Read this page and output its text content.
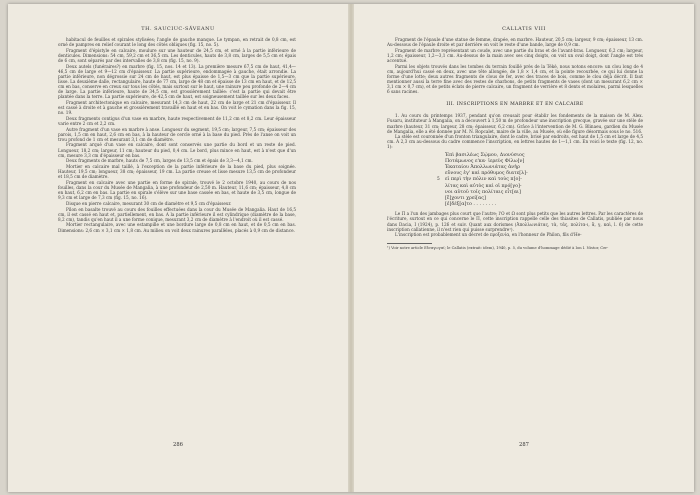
TH. SAUCIUC-SĂVEANU

habitacul de feuilles et spirales stylisées; l'angle de gauche manque. Le tympan, en retrait de 0,8 cm, est orné de pampres en relief courant le long des côtés obliques (fig. 15, no. 5).

Fragment d'épistyle en calcaire, moulure sur une hauteur de 24,5 cm, et orné à la partie inférieure de denticules. Dimensions: 54 cm, 59,2 cm et 36,5 cm. Les denticules, hauts de 3,8 cm, larges de 5,5 cm et épais de 6 cm, sont séparés par des intervalles de 3,8 cm (fig. 15, no. 9).

Deux autels (funéraires?) en marbre (fig. 15, nos. 14 et 13). La première mesure 67,5 cm de haut, 41,4—46,5 cm de large et 9—12 cm d'épaisseur. La partie supérieure, endommagée à gauche, était arrondie. La partie inférieure, non dégrossie sur 24 cm de haut, est plus épaisse de 1,5—3 cm que la partie supérieure, lisse. La deuxième dalle, rectangulaire, haute de 77 cm, large de 48 cm et épaisse de 13 cm en haut, et de 12,5 cm en bas, conserve en creux sur tous les côtés, mais surtout sur le haut, une rainure peu profonde de 2—4 cm de large. La partie inférieure, haute de 34,5 cm, est grossièrement taillée: c'est la partie qui devait être plantée dans la terre. La partie supérieure, de 42,5 cm de haut, est soigneusement taillée sur les deux faces.

Fragment architectonique en calcaire, mesurant 14,3 cm de haut, 22 cm de large et 21 cm d'épaisseur. Il est cassé à droite et à gauche et grossièrement travaillé en haut et en bas. On voit le cymation dans la fig. 15, no. 19.

Deux fragments contigus d'un vase en marbre, haute respectivement de 11,2 cm et 8,2 cm. Leur épaisseur varie entre 2 cm et 2,2 cm.

Autre fragment d'un vase en marbre à anse. Longueur du segment, 19,5 cm; largeur, 7,5 cm; épaisseur des parois, 1,5 cm en haut, 2,6 cm en bas, à la hauteur de cercle orné à la base du pied. Près de l'anse on voit un trou profond de 1 cm et mesurant 3,1 cm de diamètre.

Fragment arqué d'un vase en calcaire, dont sont conservés une partie du bord et un reste de pied. Longueur, 18,2 cm; largeur, 11 cm; hauteur du pied, 0,4 cm. Le bord, plus mince en haut, est à n'est que d'un cm, mesure 3,3 cm d'épaisseur en bas.

Deux fragments de marbre, hauts de 7,5 cm, larges de 13,5 cm et épais de 3,3—4,1 cm.

Mortier en calcaire mal taillé, à l'exception de la partie inférieure de la base du pied, plus soignée. Hauteur, 19,5 cm; longueur, 38 cm; épaisseur, 19 cm. La partie creuse et lisse mesure 13,5 cm de profondeur et 18,5 cm de diamètre.

Fragment en calcaire avec une partie en forme de spirale, trouvé le 2 octobre 1940, au cours de nos fouilles, dans la cour du Musée de Mangalia, à une profondeur de 2,50 m. Hauteur, 11,6 cm; épaisseur, 4,8 cm en haut, 6,2 cm en bas. La partie en spirale s'élève sur une base cassée en bas, et haute de 3,5 cm, longue de 9,3 cm et large de 7,3 cm (fig. 15, no. 16).

Disque en pierre calcaire, mesurant 30 cm de diamètre et 9,5 cm d'épaisseur.

Pilon en basalte trouvé au cours des fouilles effectuées dans la cour du Musée de Mangalia. Haut de 16,5 cm, il est cassé en haut et, partiellement, en bas. A la partie inférieure il est cylindrique (diamètre de la base, 8,2 cm), tandis qu'en haut il a une forme conique, mesurant 3,2 cm de diamètre à l'endroit où il est cassé.

Mortier rectangulaire, avec une estampille et une bordure large de 0,8 cm en haut, et de 0,5 cm en bas. Dimensions: 2,6 cm × 3,1 cm × 1,8 cm. Au milieu on voit deux rainures parallèles, placés à 0,9 cm de distance.

286
CALLATIS VIII

Fragment de l'épaule d'une statue de femme, drapée, en marbre. Hauteur, 20,5 cm; largeur, 9 cm; épaisseur, 13 cm. Au-dessous de l'épaule droite et par derrière on voit le reste d'une bande, large de 0,9 cm.

Fragment de marbre représentant un coude, avec une partie du bras et de l'avant-bras. Longueur, 6,2 cm; largeur, 1,2 cm; épaisseur, 1,2—3,1 cm. Au-dessus de la main avec ses cinq doigts, on voit un oval doigt, dont l'angle est très accentué.

Parmi les objets trouvés dans les tombes du terrain fouillé près de la Tékè, nous notons encore: un clou long de 4 cm, aujourd'hui cassé en deux, avec une tête allongée, de 1,8 × 1,4 cm, et la pointe recourbée, ce qui lui donne la forme d'une lotte; deux autres fragments de clous de fer, avec des traces de bois, comme le clou déjà décrit. Il faut mentionner aussi la terre fine avec des restes de charbons, de petits fragments de vases (dont un mesurant 6,2 cm × 3,1 cm × 0,7 cm), et de petits éclats de pierre calcaire, un fragment de verrière et 8 dents et molaires, parmi lesquelles 6 sans racines.

III. INSCRIPTIONS EN MARBRE ET EN CALCAIRE

1. Au cours du printemps 1937, pendant qu'on creusait pour établir les fondements de la maison de M. Alex. Fusaru, instituteur à Mangalia, on a découvert à 1,50 m de profondeur une inscription grecque, gravée sur une stèle de marbre (hauteur, 31 cm; largeur, 28 cm; épaisseur, 6,2 cm). Grâce à l'intervention de M. G. Blinaeu, gardien du Musée de Mangalia, elle a été donnée par M. N. Ropcalet, maire de la ville, au Musée, où elle figure désormais sous le no. 516.

La stèle est couronnée d'un fronton triangulaire, dont le cadre, brisé par endroits, est haut de 1,5 cm et large de 4,5 cm. À 2,3 cm au-dessous du cadre commence l'inscription, en lettres hautes de 1—1,1 cm. En voici le texte (fig. 12, no. 1):

5
Ἐπὶ βασιλέως Σῴμου, Διονύσιος
Ποτάμωνος ε'κα· ἱερεὺς Φίλω[ν]
Ἐκαταίου Ἀπολλωνιάτας ἀνὴρ
εὔνους ἐγ' καὶ πρόθυμος διατε[λ]-
εῖ περὶ τὴν πόλιν καὶ τοὺς π[ο]-
λίτας καὶ αὐτὸς καὶ οἱ πρό[γο]-
νοι αὐτοῦ τοῖς πολίταις εἶτ[αι]
[ἔ]χοντι χρεί[ας]
[ἐ]δέξ[α]το . . . . . . . .

Le Π a l'un des jambages plus court que l'autre; l'O et Ω sont plus petits que les autres lettres. Par les caractères de l'écriture, surtout en ce qui concerne le Π, cette inscription rappelle celle des thiasites de Callatis, publiée par nous dans Dacia, I (1924), p. 126 et suiv. Quant aux dorismes (Ἀπολλωνιάτας, τὰ, τᾶς, πολίτα-ι, ἅ, γ, καὶ, l. 6) de cette inscription callatienne, il n'est rien qui puisse surprendre¹).

L'inscription est probablement un décret de προξενία, en l'honneur de Philon, fils d'He-

¹) Voir notre article Εἴσαγωγαί; le Callatis (extrait: idem), 1940, p. 5, du volume d'hommage dédié à Ion I. Nistor, Cer-
287
